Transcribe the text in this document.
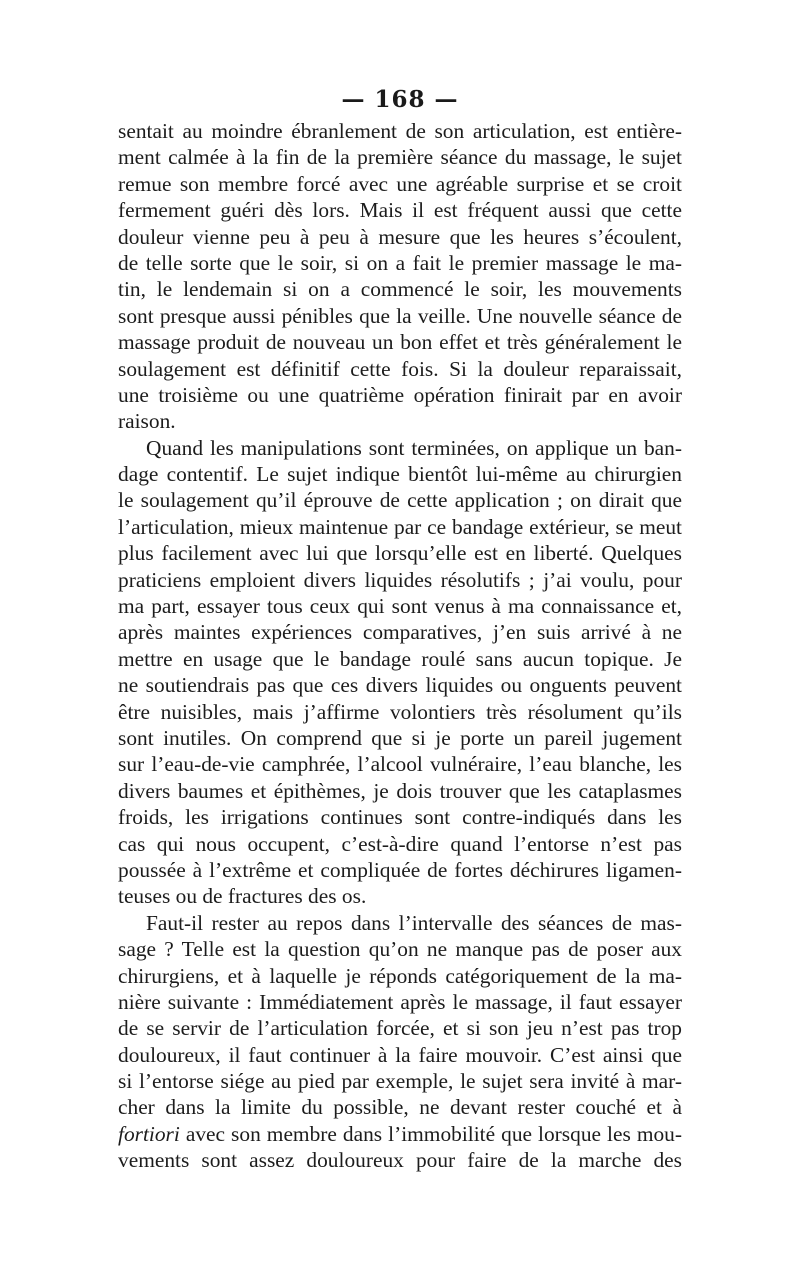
— 168 —
sentait au moindre ébranlement de son articulation, est entière-
ment calmée à la fin de la première séance du massage, le sujet
remue son membre forcé avec une agréable surprise et se croit
fermement guéri dès lors. Mais il est fréquent aussi que cette
douleur vienne peu à peu à mesure que les heures s’écoulent,
de telle sorte que le soir, si on a fait le premier massage le ma-
tin, le lendemain si on a commencé le soir, les mouvements
sont presque aussi pénibles que la veille. Une nouvelle séance de
massage produit de nouveau un bon effet et très généralement le
soulagement est définitif cette fois. Si la douleur reparaissait,
une troisième ou une quatrième opération finirait par en avoir
raison.
Quand les manipulations sont terminées, on applique un ban-
dage contentif. Le sujet indique bientôt lui-même au chirurgien
le soulagement qu’il éprouve de cette application ; on dirait que
l’articulation, mieux maintenue par ce bandage extérieur, se meut
plus facilement avec lui que lorsqu’elle est en liberté. Quelques
praticiens emploient divers liquides résolutifs ; j’ai voulu, pour
ma part, essayer tous ceux qui sont venus à ma connaissance et,
après maintes expériences comparatives, j’en suis arrivé à ne
mettre en usage que le bandage roulé sans aucun topique. Je
ne soutiendrais pas que ces divers liquides ou onguents peuvent
être nuisibles, mais j’affirme volontiers très résolument qu’ils
sont inutiles. On comprend que si je porte un pareil jugement
sur l’eau-de-vie camphrée, l’alcool vulnéraire, l’eau blanche, les
divers baumes et épithèmes, je dois trouver que les cataplasmes
froids, les irrigations continues sont contre-indiqués dans les
cas qui nous occupent, c’est-à-dire quand l’entorse n’est pas
poussée à l’extrême et compliquée de fortes déchirures ligamen-
teuses ou de fractures des os.
Faut-il rester au repos dans l’intervalle des séances de mas-
sage ? Telle est la question qu’on ne manque pas de poser aux
chirurgiens, et à laquelle je réponds catégoriquement de la ma-
nière suivante : Immédiatement après le massage, il faut essayer
de se servir de l’articulation forcée, et si son jeu n’est pas trop
douloureux, il faut continuer à la faire mouvoir. C’est ainsi que
si l’entorse siége au pied par exemple, le sujet sera invité à mar-
cher dans la limite du possible, ne devant rester couché et à
fortiori avec son membre dans l’immobilité que lorsque les mou-
vements sont assez douloureux pour faire de la marche des
